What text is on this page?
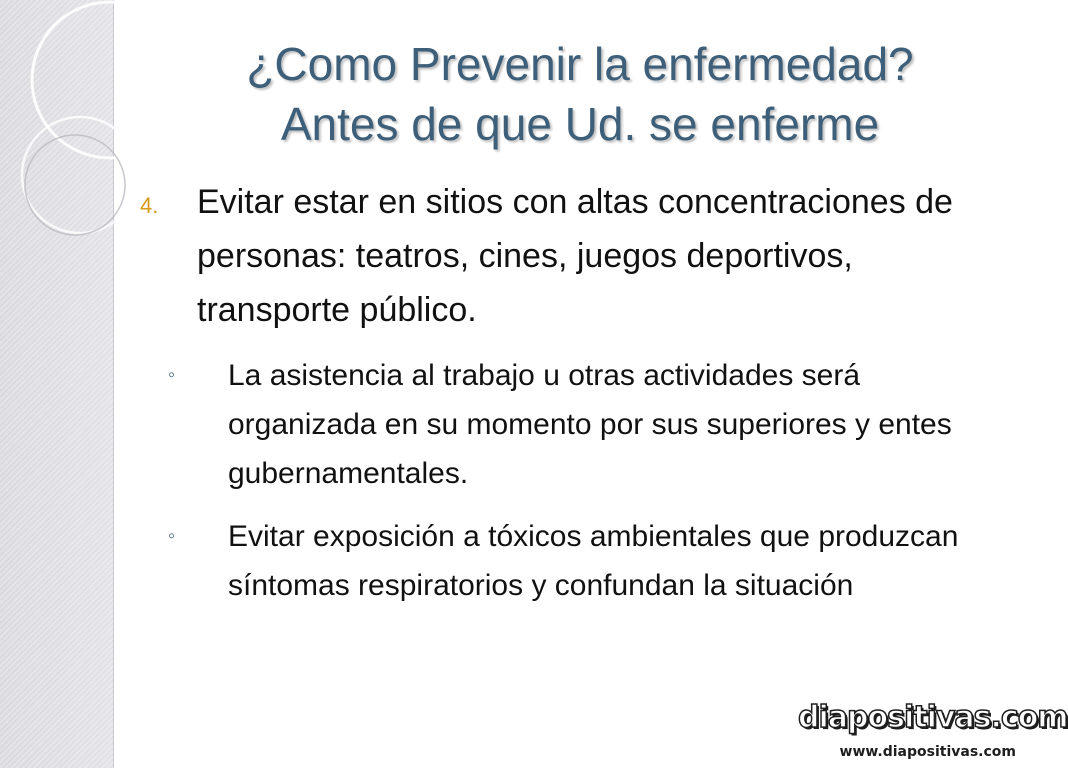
¿Como Prevenir la enfermedad?
Antes de que Ud. se enferme
4. Evitar estar en sitios con altas concentraciones de personas: teatros, cines, juegos deportivos, transporte público.
◦ La asistencia al trabajo u otras actividades será organizada en su momento por sus superiores y entes gubernamentales.
◦ Evitar exposición a tóxicos ambientales que produzcan síntomas respiratorios y confundan la situación
diapositivas.com
www.diapositivas.com
